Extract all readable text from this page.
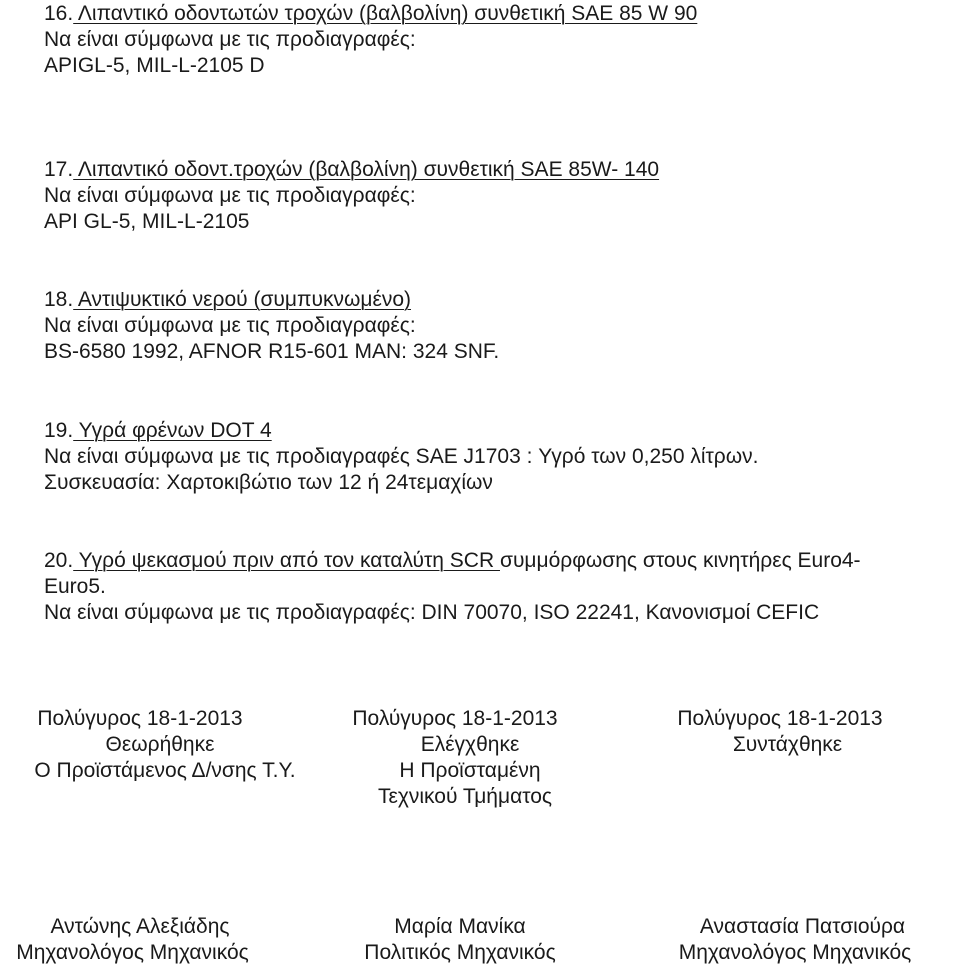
16. Λιπαντικό οδοντωτών τροχών (βαλβολίνη) συνθετική SAE 85 W 90
Να είναι σύμφωνα με τις προδιαγραφές:
APIGL-5, MIL-L-2105 D
17. Λιπαντικό οδοντ.τροχών (βαλβολίνη) συνθετική SAE 85W- 140
Να είναι σύμφωνα με τις προδιαγραφές:
API GL-5, MIL-L-2105
18. Αντιψυκτικό νερού (συμπυκνωμένο)
Να είναι σύμφωνα με τις προδιαγραφές:
BS-6580 1992, AFNOR R15-601 MAN: 324 SNF.
19. Υγρά φρένων DOT 4
Να είναι σύμφωνα με τις προδιαγραφές SAE J1703 : Υγρό των 0,250 λίτρων.
Συσκευασία: Χαρτοκιβώτιο των 12 ή 24τεμαχίων
20. Υγρό ψεκασμού πριν από τον καταλύτη SCR συμμόρφωσης στους κινητήρες Euro4-
Euro5.
Να είναι σύμφωνα με τις προδιαγραφές: DIN 70070, ISO 22241, Κανονισμοί CEFIC
Πολύγυρος 18-1-2013
Θεωρήθηκε
Ο Προϊστάμενος Δ/νσης Τ.Υ.
Αντώνης Αλεξιάδης
Μηχανολόγος Μηχανικός
Πολύγυρος 18-1-2013
Ελέγχθηκε
Η Προϊσταμένη
Τεχνικού Τμήματος
Μαρία Μανίκα
Πολιτικός Μηχανικός
Πολύγυρος 18-1-2013
Συντάχθηκε
Αναστασία Πατσιούρα
Μηχανολόγος Μηχανικός
